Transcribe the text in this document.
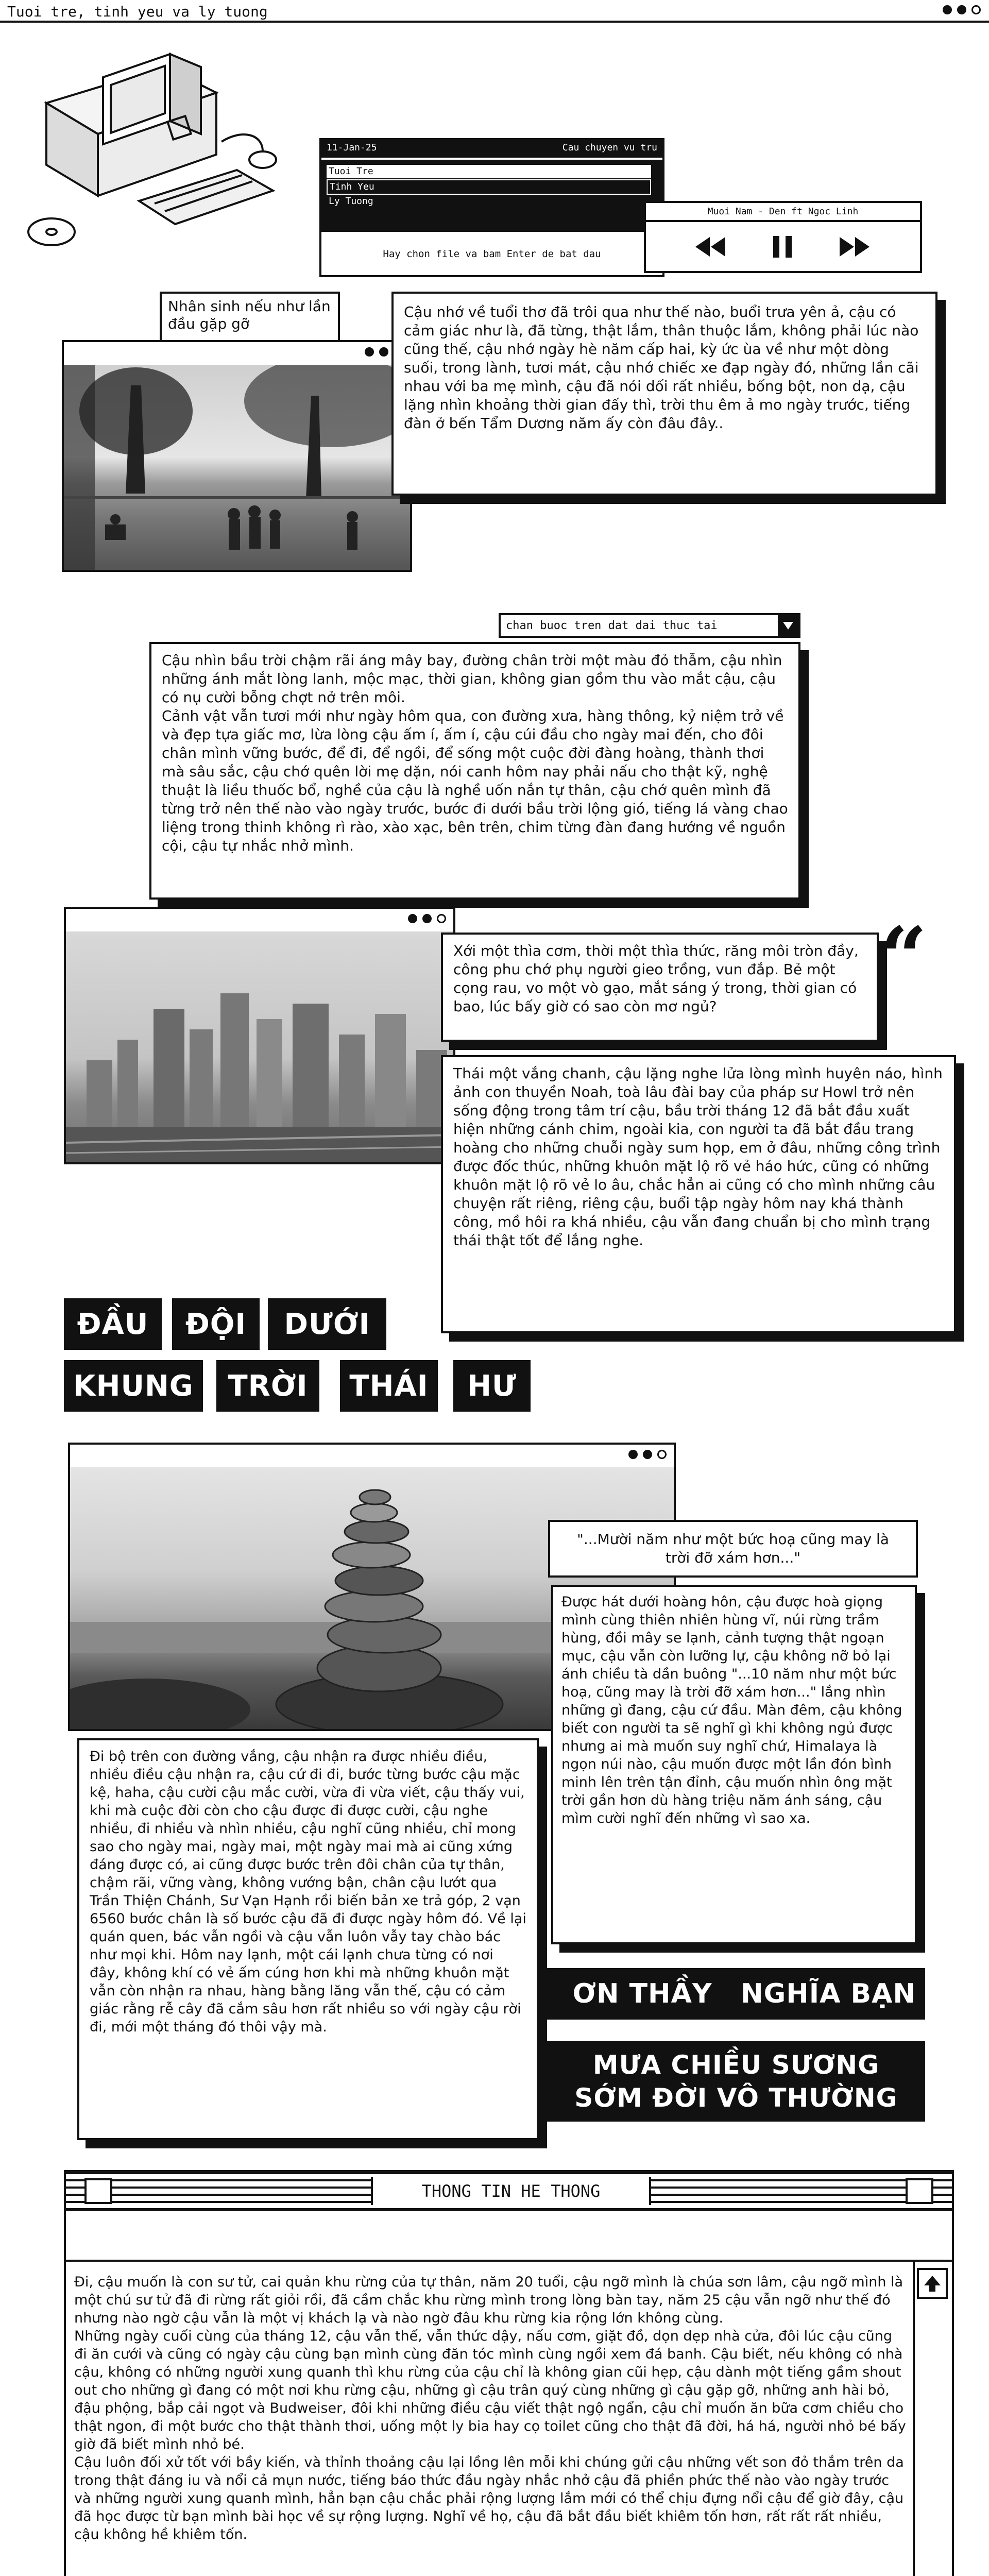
Tuoi tre, tinh yeu va ly tuong
11-Jan-25	Cau chuyen vu tru
Tuoi Tre
Tinh Yeu
Ly Tuong
Hay chon file va bam Enter de bat dau
Muoi Nam - Den ft Ngoc Linh
Nhân sinh nếu như lần đầu gặp gỡ
Cậu nhớ về tuổi thơ đã trôi qua như thế nào, buổi trưa yên ả, cậu có cảm giác như là, đã từng, thật lắm, thân thuộc lắm, không phải lúc nào cũng thế, cậu nhớ ngày hè năm cấp hai, kỳ ức ùa về như một dòng suối, trong lành, tươi mát, cậu nhớ chiếc xe đạp ngày đó, những lần cãi nhau với ba mẹ mình, cậu đã nói dối rất nhiều, bống bột, non dạ, cậu lặng nhìn khoảng thời gian đấy thì, trời thu êm ả mo ngày trước, tiếng đàn ở bến Tẩm Dương năm ấy còn đâu đây..
chan buoc tren dat dai thuc tai
Cậu nhìn bầu trời chậm rãi áng mây bay, đường chân trời một màu đỏ thẫm, cậu nhìn những ánh mắt lòng lanh, mộc mạc, thời gian, không gian gồm thu vào mắt cậu, cậu có nụ cười bỗng chợt nở trên môi.
Cảnh vật vẫn tươi mới như ngày hôm qua, con đường xưa, hàng thông, kỷ niệm trở về và đẹp tựa giấc mơ, lừa lòng cậu ấm í, ấm í, cậu cúi đầu cho ngày mai đến, cho đôi chân mình vững bước, để đi, để ngồi, để sống một cuộc đời đàng hoàng, thành thơi mà sâu sắc, cậu chớ quên lời mẹ dặn, nói canh hôm nay phải nấu cho thật kỹ, nghệ thuật là liều thuốc bổ, nghề của cậu là nghề uốn nắn tự thân, cậu chớ quên mình đã từng trở nên thế nào vào ngày trước, bước đi dưới bầu trời lộng gió, tiếng lá vàng chao liệng trong thinh không rì rào, xào xạc, bên trên, chim từng đàn đang hướng về nguồn cội, cậu tự nhắc nhở mình.
“
Xới một thìa cơm, thời một thìa thức, răng môi tròn đầy, công phu chớ phụ người gieo trồng, vun đắp. Bẻ một cọng rau, vo một vò gạo, mắt sáng ý trong, thời gian có bao, lúc bấy giờ có sao còn mơ ngủ?
Thái một vắng chanh, cậu lặng nghe lửa lòng mình huyên náo, hình ảnh con thuyền Noah, toà lâu đài bay của pháp sư Howl trở nên sống động trong tâm trí cậu, bầu trời tháng 12 đã bắt đầu xuất hiện những cánh chim, ngoài kia, con người ta đã bắt đầu trang hoàng cho những chuỗi ngày sum họp, em ở đâu, những công trình được đốc thúc, những khuôn mặt lộ rõ vẻ háo hức, cũng có những khuôn mặt lộ rõ vẻ lo âu, chắc hẳn ai cũng có cho mình những câu chuyện rất riêng, riêng cậu, buổi tập ngày hôm nay khá thành công, mồ hôi ra khá nhiều, cậu vẫn đang chuẩn bị cho mình trạng thái thật tốt để lắng nghe.
ĐẦU	ĐỘI	DƯỚI
KHUNG	TRỜI	THÁI	HƯ
"...Mười năm như một bức hoạ cũng may là trời đỡ xám hơn..."
Được hát dưới hoàng hôn, cậu được hoà giọng mình cùng thiên nhiên hùng vĩ, núi rừng trầm hùng, đồi mây se lạnh, cảnh tượng thật ngoạn mục, cậu vẫn còn lưỡng lự, cậu không nỡ bỏ lại ánh chiều tà dần buông "...10 năm như một bức hoạ, cũng may là trời đỡ xám hơn..." lắng nhìn những gì đang, cậu cứ đầu. Màn đêm, cậu không biết con người ta sẽ nghĩ gì khi không ngủ được nhưng ai mà muốn suy nghĩ chứ, Himalaya là ngọn núi nào, cậu muốn được một lần đón bình minh lên trên tận đỉnh, cậu muốn nhìn ông mặt trời gần hơn dù hàng triệu năm ánh sáng, cậu mìm cười nghĩ đến những vì sao xa.
Đi bộ trên con đường vắng, cậu nhận ra được nhiều điều, nhiều điều cậu nhận ra, cậu cứ đi đi, bước từng bước cậu mặc kệ, haha, cậu cười cậu mắc cười, vừa đi vừa viết, cậu thấy vui, khi mà cuộc đời còn cho cậu được đi được cười, cậu nghe nhiều, đi nhiều và nhìn nhiều, cậu nghĩ cũng nhiều, chỉ mong sao cho ngày mai, ngày mai, một ngày mai mà ai cũng xứng đáng được có, ai cũng được bước trên đôi chân của tự thân, chậm rãi, vững vàng, không vướng bận, chân cậu lướt qua Trần Thiện Chánh, Sư Vạn Hạnh rồi biến bản xe trả góp, 2 vạn 6560 bước chân là số bước cậu đã đi được ngày hôm đó. Về lại quán quen, bác vẫn ngồi và cậu vẫn luôn vẫy tay chào bác như mọi khi. Hôm nay lạnh, một cái lạnh chưa từng có nơi đây, không khí có vẻ ấm cúng hơn khi mà những khuôn mặt vẫn còn nhận ra nhau, hàng bằng lăng vẫn thế, cậu có cảm giác rằng rễ cây đã cắm sâu hơn rất nhiều so với ngày cậu rời đi, mới một tháng đó thôi vậy mà.
ƠN THẦY	NGHĨA BẠN
MƯA CHIỀU SƯƠNG SỚM ĐỜI VÔ THƯỜNG
THONG TIN HE THONG
Đi, cậu muốn là con sư tử, cai quản khu rừng của tự thân, năm 20 tuổi, cậu ngỡ mình là chúa sơn lâm, cậu ngỡ mình là một chú sư tử đã đi rừng rất giỏi rồi, đã cầm chắc khu rừng mình trong lòng bàn tay, năm 25 cậu vẫn ngỡ như thế đó nhưng nào ngờ cậu vẫn là một vị khách lạ và nào ngờ đâu khu rừng kia rộng lớn không cùng.
Những ngày cuối cùng của tháng 12, cậu vẫn thế, vẫn thức dậy, nấu cơm, giặt đồ, dọn dẹp nhà cửa, đôi lúc cậu cũng đi ăn cưới và cũng có ngày cậu cùng bạn mình cùng đăn tóc mình cùng ngồi xem đá banh. Cậu biết, nếu không có nhà cậu, không có những người xung quanh thì khu rừng của cậu chỉ là không gian cũi hẹp, cậu dành một tiếng gầm shout out cho những gì đang có một nơi khu rừng cậu, những gì cậu trân quý cùng những gì cậu gặp gỡ, những anh hài bỏ, đậu phộng, bắp cải ngọt và Budweiser, đôi khi những điều cậu viết thật ngộ ngẩn, cậu chỉ muốn ăn bữa cơm chiều cho thật ngon, đi một bước cho thật thành thơi, uống một ly bia hay cọ toilet cũng cho thật đã đời, há há, người nhỏ bé bấy giờ đã biết mình nhỏ bé.
Cậu luôn đối xử tốt với bầy kiến, và thỉnh thoảng cậu lại lồng lên mỗi khi chúng gửi cậu những vết son đỏ thắm trên da trong thật đáng iu và nổi cả mụn nước, tiếng báo thức đầu ngày nhắc nhở cậu đã phiền phức thế nào vào ngày trước và những người xung quanh mình, hẳn bạn cậu chắc phải rộng lượng lắm mới có thể chịu đựng nổi cậu để giờ đây, cậu đã học được từ bạn mình bài học về sự rộng lượng. Nghĩ về họ, cậu đã bắt đầu biết khiêm tốn hơn, rất rất rất nhiều, cậu không hề khiêm tốn.
